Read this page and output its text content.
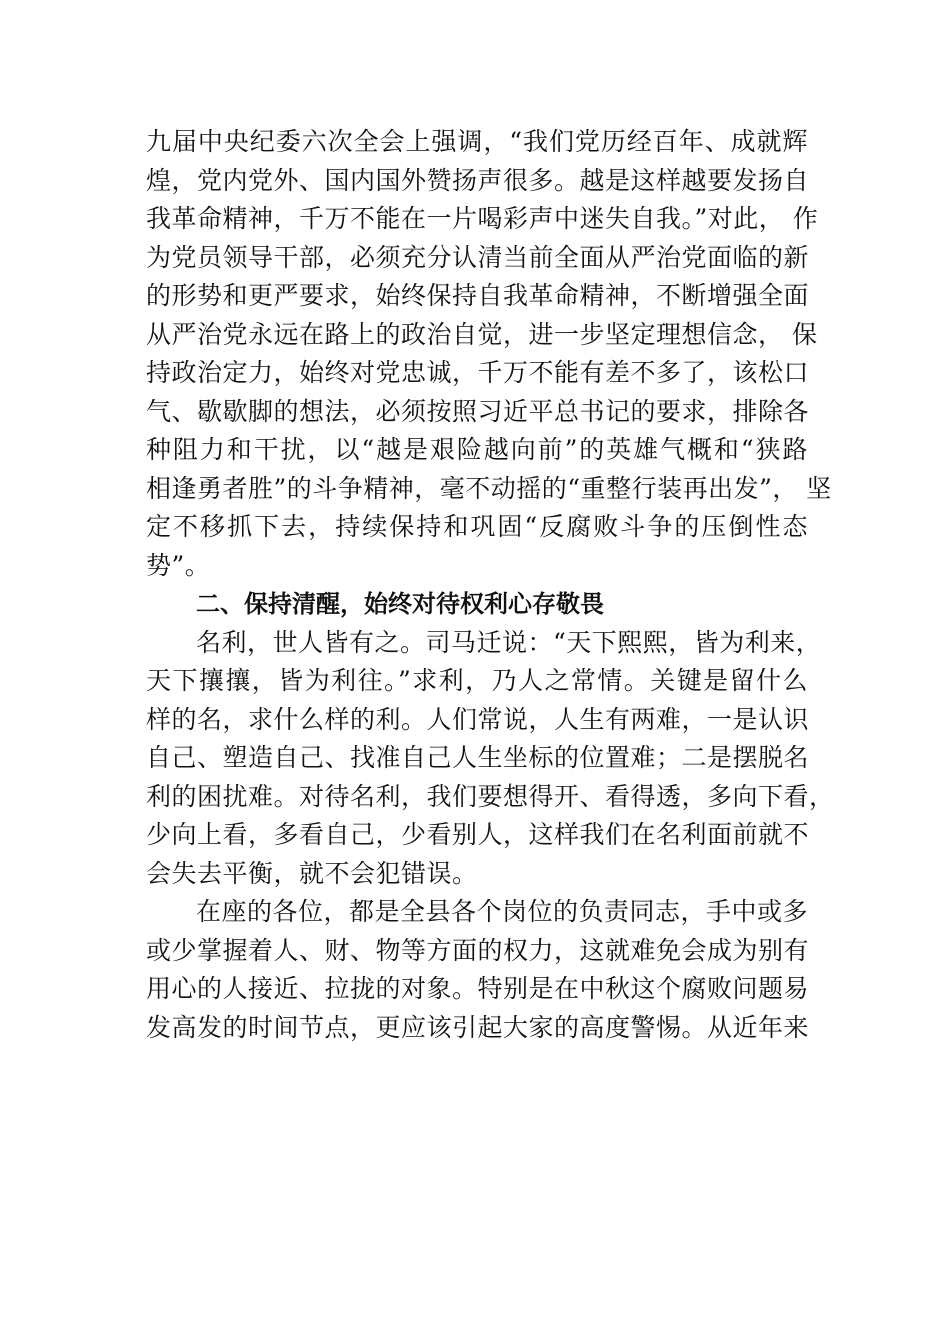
九届中央纪委六次全会上强调，“我们党历经百年、成就辉
煌，党内党外、国内国外赞扬声很多。越是这样越要发扬自
我革命精神，千万不能在一片喝彩声中迷失自我。”对此， 作
为党员领导干部，必须充分认清当前全面从严治党面临的新
的形势和更严要求，始终保持自我革命精神，不断增强全面
从严治党永远在路上的政治自觉，进一步坚定理想信念， 保
持政治定力，始终对党忠诚，千万不能有差不多了，该松口
气、歇歇脚的想法，必须按照习近平总书记的要求，排除各
种阻力和干扰，以“越是艰险越向前”的英雄气概和“狭路
相逢勇者胜”的斗争精神，毫不动摇的“重整行装再出发”， 坚
定不移抓下去，持续保持和巩固“反腐败斗争的压倒性态
势”。
二、保持清醒，始终对待权利心存敬畏
名利，世人皆有之。司马迁说：“天下熙熙，皆为利来，
天下攘攘，皆为利往。”求利，乃人之常情。关键是留什么
样的名，求什么样的利。人们常说，人生有两难，一是认识
自己、塑造自己、找准自己人生坐标的位置难；二是摆脱名
利的困扰难。对待名利，我们要想得开、看得透，多向下看，
少向上看，多看自己，少看别人，这样我们在名利面前就不
会失去平衡，就不会犯错误。
在座的各位，都是全县各个岗位的负责同志，手中或多
或少掌握着人、财、物等方面的权力，这就难免会成为别有
用心的人接近、拉拢的对象。特别是在中秋这个腐败问题易
发高发的时间节点，更应该引起大家的高度警惕。从近年来
